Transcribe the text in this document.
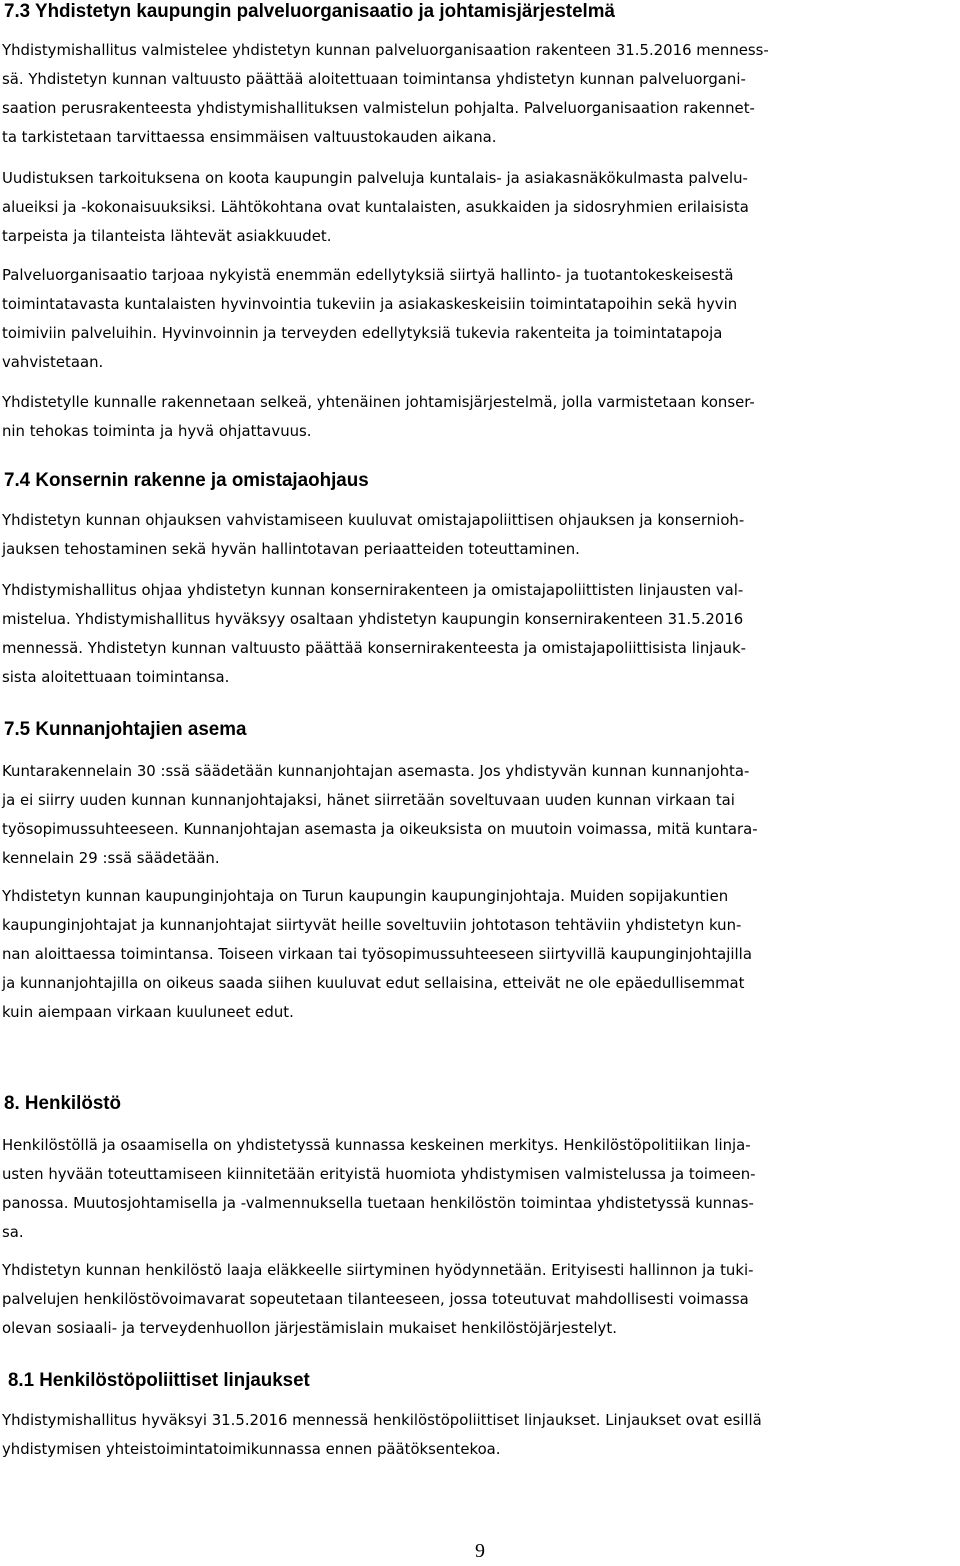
7.3 Yhdistetyn kaupungin palveluorganisaatio ja johtamisjärjestelmä
Yhdistymishallitus valmistelee yhdistetyn kunnan palveluorganisaation rakenteen 31.5.2016 menness-
sä. Yhdistetyn kunnan valtuusto päättää aloitettuaan toimintansa yhdistetyn kunnan palveluorgani-
saation perusrakenteesta yhdistymishallituksen valmistelun pohjalta. Palveluorganisaation rakennet-
ta tarkistetaan tarvittaessa ensimmäisen valtuustokauden aikana.
Uudistuksen tarkoituksena on koota kaupungin palveluja kuntalais- ja asiakasnäkökulmasta palvelu-
alueiksi ja -kokonaisuuksiksi. Lähtökohtana ovat kuntalaisten, asukkaiden ja sidosryhmien erilaisista
tarpeista ja tilanteista lähtevät asiakkuudet.
Palveluorganisaatio tarjoaa nykyistä enemmän edellytyksiä siirtyä hallinto- ja tuotantokeskeisestä
toimintatavasta kuntalaisten hyvinvointia tukeviin ja asiakaskeskeisiin toimintatapoihin sekä hyvin
toimiviin palveluihin. Hyvinvoinnin ja terveyden edellytyksiä tukevia rakenteita ja toimintatapoja
vahvistetaan.
Yhdistetylle kunnalle rakennetaan selkeä, yhtenäinen johtamisjärjestelmä, jolla varmistetaan konser-
nin tehokas toiminta ja hyvä ohjattavuus.
7.4 Konsernin rakenne ja omistajaohjaus
Yhdistetyn kunnan ohjauksen vahvistamiseen kuuluvat omistajapoliittisen ohjauksen ja konsernioh-
jauksen tehostaminen sekä hyvän hallintotavan periaatteiden toteuttaminen.
Yhdistymishallitus ohjaa yhdistetyn kunnan konsernirakenteen ja omistajapoliittisten linjausten val-
mistelua. Yhdistymishallitus hyväksyy osaltaan yhdistetyn kaupungin konsernirakenteen 31.5.2016
mennessä. Yhdistetyn kunnan valtuusto päättää konsernirakenteesta ja omistajapoliittisista linjauk-
sista aloitettuaan toimintansa.
7.5 Kunnanjohtajien asema
Kuntarakennelain 30 :ssä säädetään kunnanjohtajan asemasta. Jos yhdistyvän kunnan kunnanjohta-
ja ei siirry uuden kunnan kunnanjohtajaksi, hänet siirretään soveltuvaan uuden kunnan virkaan tai
työsopimussuhteeseen. Kunnanjohtajan asemasta ja oikeuksista on muutoin voimassa, mitä kuntara-
kennelain 29 :ssä säädetään.
Yhdistetyn kunnan kaupunginjohtaja on Turun kaupungin kaupunginjohtaja. Muiden sopijakuntien
kaupunginjohtajat ja kunnanjohtajat siirtyvät heille soveltuviin johtotason tehtäviin yhdistetyn kun-
nan aloittaessa toimintansa. Toiseen virkaan tai työsopimussuhteeseen siirtyvillä kaupunginjohtajilla
ja kunnanjohtajilla on oikeus saada siihen kuuluvat edut sellaisina, etteivät ne ole epäedullisemmat
kuin aiempaan virkaan kuuluneet edut.
8. Henkilöstö
Henkilöstöllä ja osaamisella on yhdistetyssä kunnassa keskeinen merkitys. Henkilöstöpolitiikan linja-
usten hyvään toteuttamiseen kiinnitetään erityistä huomiota yhdistymisen valmistelussa ja toimeen-
panossa. Muutosjohtamisella ja -valmennuksella tuetaan henkilöstön toimintaa yhdistetyssä kunnas-
sa.
Yhdistetyn kunnan henkilöstö laaja eläkkeelle siirtyminen hyödynnetään. Erityisesti hallinnon ja tuki-
palvelujen henkilöstövoimavarat sopeutetaan tilanteeseen, jossa toteutuvat mahdollisesti voimassa
olevan sosiaali- ja terveydenhuollon järjestämislain mukaiset henkilöstöjärjestelyt.
8.1 Henkilöstöpoliittiset linjaukset
Yhdistymishallitus hyväksyi 31.5.2016 mennessä henkilöstöpoliittiset linjaukset. Linjaukset ovat esillä
yhdistymisen yhteistoimintatoimikunnassa ennen päätöksentekoa.
9
